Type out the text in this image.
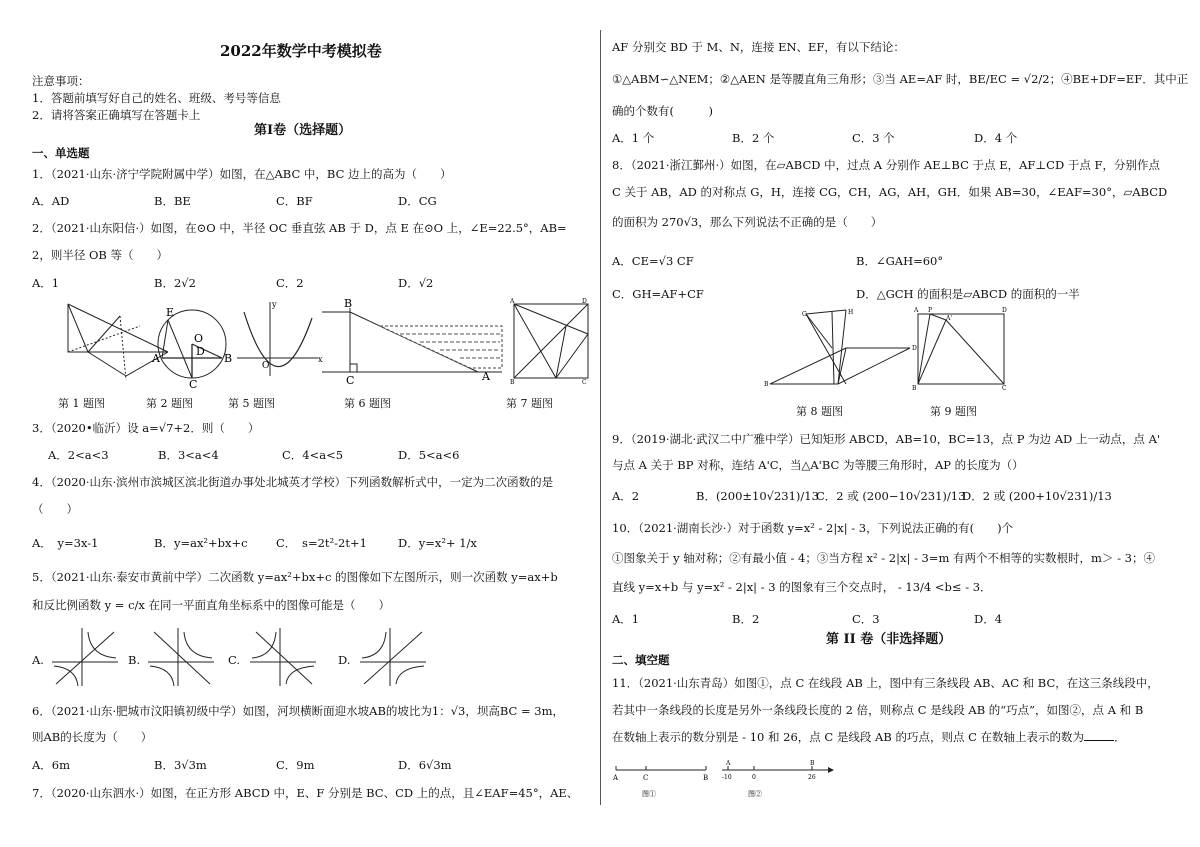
2022年数学中考模拟卷
注意事项：
1．答题前填写好自己的姓名、班级、考号等信息
2．请将答案正确填写在答题卡上
第Ⅰ卷（选择题）
一、单选题
1．（2021·山东·济宁学院附属中学）如图，在△ABC 中，BC 边上的高为（　　）
A．AD	B．BE	C．BF	D．CG
2．（2021·山东阳信·）如图，在⊙O 中，半径 OC 垂直弦 AB 于 D，点 E 在⊙O 上，∠E=22.5°，AB=
2，则半径 OB 等（　　）
A．1	B．2√2	C．2	D．√2
E
O
D
A	B
C
O
x
y	B
C	A
A	D
B	C
第 1 题图	第 2 题图	第 5 题图	第 6 题图	第 7 题图
3．（2020•临沂）设 a=√7+2．则（　　）
A．2<a<3	B．3<a<4	C．4<a<5	D．5<a<6
4．（2020·山东·滨州市滨城区滨北街道办事处北城英才学校）下列函数解析式中，一定为二次函数的是
（　　）
A．　y=3x-1	B．y=ax²+bx+c C．　s=2t²-2t+1	D．y=x²+ 1/x
5．（2021·山东·泰安市黄前中学）二次函数 y=ax²+bx+c 的图像如下左图所示，则一次函数 y=ax+b
和反比例函数 y = c/x 在同一平面直角坐标系中的图像可能是（　　）
A.	B.	C.	D.
6．（2021·山东·肥城市汶阳镇初级中学）如图，河坝横断面迎水坡AB的坡比为1：√3，坝高BC = 3m，
则AB的长度为（　　）
A．6m	B．3√3m	C．9m	D．6√3m
7．（2020·山东泗水·）如图，在正方形 ABCD 中，E、F 分别是 BC、CD 上的点，且∠EAF=45°，AE、
AF 分别交 BD 于 M、N，连接 EN、EF，有以下结论：
①△ABM∽△NEM；②△AEN 是等腰直角三角形；③当 AE=AF 时，BE/EC = √2/2；④BE+DF=EF．其中正
确的个数有(　　　)
A．1 个	B．2 个	C．3 个	D．4 个
8．（2021·浙江鄞州·）如图，在▱ABCD 中，过点 A 分别作 AE⊥BC 于点 E，AF⊥CD 于点 F，分别作点
C 关于 AB，AD 的对称点 G，H，连接 CG，CH，AG，AH，GH．如果 AB=30，∠EAF=30°，▱ABCD
的面积为 270√3，那么下列说法不正确的是（　　）
A．CE=√3 CF	B．∠GAH=60°
C．GH=AF+CF	D．△GCH 的面积是▱ABCD 的面积的一半
G	H
B
D
A P
A'
B	C
D
第 8 题图	第 9 题图
9．（2019·湖北·武汉二中广雅中学）已知矩形 ABCD，AB=10，BC=13，点 P 为边 AD 上一动点，点 A'
与点 A 关于 BP 对称，连结 A'C，当△A'BC 为等腰三角形时，AP 的长度为（）
A．2	B．(200±10√231)/13
C．2 或 (200−10√231)/13
D．2 或 (200+10√231)/13
10．（2021·湖南长沙·）对于函数 y=x² - 2|x| - 3，下列说法正确的有(　　)个
①图象关于 y 轴对称；②有最小值 - 4；③当方程 x² - 2|x| - 3=m 有两个不相等的实数根时，m＞ - 3；④
直线 y=x+b 与 y=x² - 2|x| - 3 的图象有三个交点时， - 13/4 <b≤ - 3．
A．1	B．2	C．3	D．4
第 II 卷（非选择题）
二、填空题
11．（2021·山东青岛）如图①，点 C 在线段 AB 上，图中有三条线段 AB、AC 和 BC，在这三条线段中，
若其中一条线段的长度是另外一条线段长度的 2 倍，则称点 C 是线段 AB 的“巧点”，如图②，点 A 和 B
在数轴上表示的数分别是 - 10 和 26，点 C 是线段 AB 的巧点，则点 C 在数轴上表示的数为	．
A	C	B
图①
A
-10	0
B
26
图②
